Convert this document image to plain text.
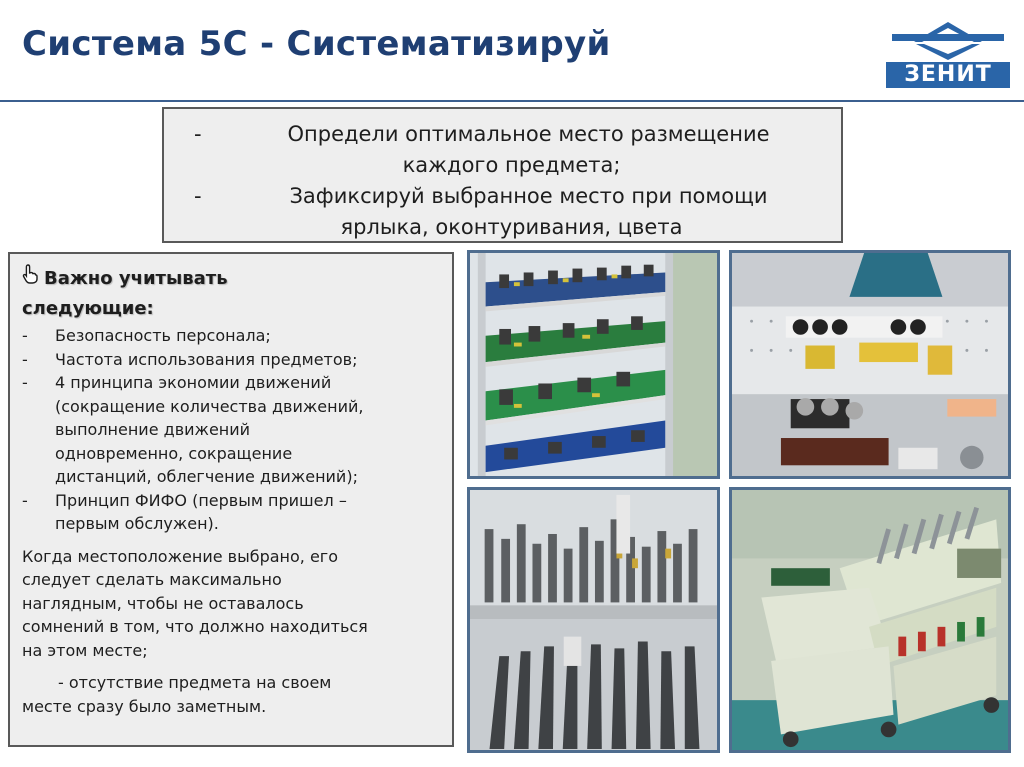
Система 5С - Систематизируй
ЗЕНИТ
-	Определи оптимальное место размещение
каждого предмета;
-	Зафиксируй выбранное место при помощи
ярлыка, оконтуривания, цвета
Важно учитывать
следующие:
- Безопасность персонала;
- Частота использования предметов;
- 4 принципа экономии движений
(сокращение количества движений,
выполнение движений
одновременно, сокращение
дистанций, облегчение движений);
- Принцип ФИФО (первым пришел –
первым обслужен).
Когда местоположение выбрано, его
следует сделать максимально
наглядным, чтобы не оставалось
сомнений в том, что должно находиться
на этом месте;
- отсутствие предмета на своем
месте сразу было заметным.
